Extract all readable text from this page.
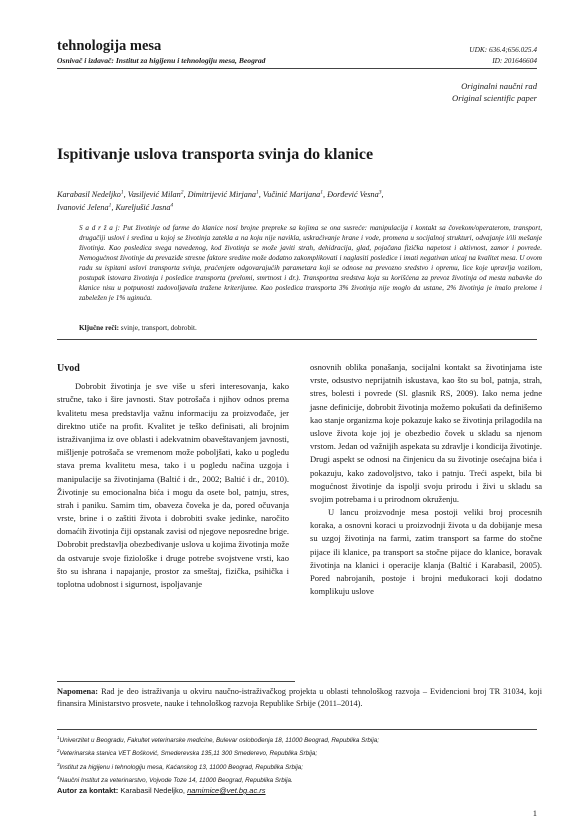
tehnologija mesa
Osnivač i izdavač: Institut za higijenu i tehnologiju mesa, Beograd
UDK: 636.4;656.025.4
ID: 201646604
Originalni naučni rad
Original scientific paper
Ispitivanje uslova transporta svinja do klanice
Karabasil Nedeljko$^1$, Vasiljević Milan$^2$, Dimitrijević Mirjana$^1$, Vučinić Marijana$^1$, Đorđević Vesna$^3$,
Ivanović Jelena$^1$, Kureljušić Jasna$^4$
S a d r ž a j: Put životinje od farme do klanice nosi brojne prepreke sa kojima se ona susreće: manipulacija i kontakt sa čovekom/operaterom, transport, drugačiji uslovi i sredina u kojoj se životinja zatekla a na koju nije navikla, uskraćivanje hrane i vode, promena u socijalnoj strukturi, odvajanje i/ili mešanje životinja. Kao posledica svega navedenog, kod životinja se može javiti strah, dehidracija, glad, pojačana fizička napetost i aktivnost, zamor i povrede. Nemogućnost životinje da prevaziđe stresne faktore sredine može dodatno zakomplikovati i naglasiti posledice i imati negativan uticaj na kvalitet mesa. U ovom radu su ispitani uslovi transporta svinja, praćenjem odgovarajućih parametara koji se odnose na prevozno sredstvo i opremu, lice koje upravlja vozilom, postupak istovara životinja i posledice transporta (prelomi, smrtnost i dr.). Transportna sredstva koja su korišćena za prevoz životinja od mesta nabavke do klanice nisu u potpunosti zadovoljavala tražene kriterijume. Kao posledica transporta 3% životinja nije moglo da ustane, 2% životinja je imalo prelome i zabeležen je 1% uginuća.
Ključne reči: svinje, transport, dobrobit.
Uvod

Dobrobit životinja je sve više u sferi interesovanja, kako stručne, tako i šire javnosti. Stav potrošača i njihov odnos prema kvalitetu mesa predstavlja važnu informaciju za proizvođače, jer direktno utiče na profit. Kvalitet je teško definisati, ali brojnim istraživanjima iz ove oblasti i adekvatnim obaveštavanjem javnosti, mišljenje potrošača se vremenom može poboljšati, kako u pogledu stava prema kvalitetu mesa, tako i u pogledu načina uzgoja i manipulacije sa životinjama (Baltić i dr., 2002; Baltić i dr., 2010). Životinje su emocionalna bića i mogu da osete bol, patnju, stres, strah i paniku. Samim tim, obaveza čoveka je da, pored očuvanja vrste, brine i o zaštiti života i dobrobiti svake jedinke, naročito domaćih životinja čiji opstanak zavisi od njegove neposredne brige. Dobrobit predstavlja obezbeđivanje uslova u kojima životinja može da ostvaruje svoje fiziološke i druge potrebe svojstvene vrsti, kao što su ishrana i napajanje, prostor za smeštaj, fizička, psihička i toplotna udobnost i sigurnost, ispoljavanje

osnovnih oblika ponašanja, socijalni kontakt sa životinjama iste vrste, odsustvo neprijatnih iskustava, kao što su bol, patnja, strah, stres, bolesti i povrede (Sl. glasnik RS, 2009). Iako nema jedne jasne definicije, dobrobit životinja možemo pokušati da definišemo kao stanje organizma koje pokazuje kako se životinja prilagodila na uslove života koje joj je obezbedio čovek u skladu sa njenom vrstom. Jedan od važnijih aspekata su zdravlje i kondicija životinje. Drugi aspekt se odnosi na činjenicu da su životinje osećajna bića i pokazuju, kako zadovoljstvo, tako i patnju. Treći aspekt, bila bi mogućnost životinje da ispolji svoju prirodu i živi u skladu sa svojim potrebama i u prirodnom okruženju.

U lancu proizvodnje mesa postoji veliki broj procesnih koraka, a osnovni koraci u proizvodnji života u da dobijanje mesa su uzgoj životinja na farmi, zatim transport sa farme do stočne pijace ili klanice, pa transport sa stočne pijace do klanice, boravak životinja na klanici i operacije klanja (Baltić i Karabasil, 2005). Pored nabrojanih, postoje i brojni međukoraci koji dodatno komplikuju uslove

Napomena: Rad je deo istraživanja u okviru naučno-istraživačkog projekta u oblasti tehnološkog razvoja – Evidencioni broj TR 31034, koji finansira Ministarstvo prosvete, nauke i tehnološkog razvoja Republike Srbije (2011–2014).
$^1$Univerzitet u Beogradu, Fakultet veterinarske medicine, Bulevar oslobođenja 18, 11000 Beograd, Republika Srbija;
$^2$Veterinarska stanica VET Bošković, Smederevska 135,11 300 Smederevo, Republika Srbija;
$^3$Institut za higijenu i tehnologiju mesa, Kaćanskog 13, 11000 Beograd, Republika Srbija;
$^4$Naučni Institut za veterinarstvo, Vojvode Toze 14, 11000 Beograd, Republika Srbija.
Autor za kontakt: Karabasil Nedeljko, namimice@vet.bg.ac.rs
1
